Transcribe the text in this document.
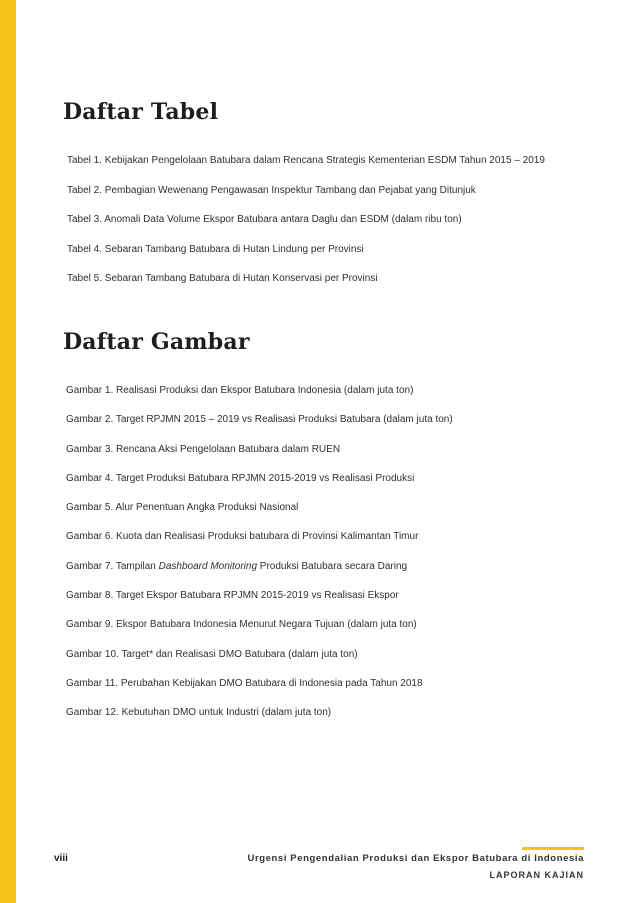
Daftar Tabel
Tabel 1. Kebijakan Pengelolaan Batubara dalam Rencana Strategis Kementerian ESDM Tahun 2015 – 2019
Tabel 2. Pembagian Wewenang Pengawasan Inspektur Tambang dan Pejabat yang Ditunjuk
Tabel 3. Anomali Data Volume Ekspor Batubara antara Daglu dan ESDM (dalam ribu ton)
Tabel 4. Sebaran Tambang Batubara di Hutan Lindung per Provinsi
Tabel 5. Sebaran Tambang Batubara di Hutan Konservasi per Provinsi
Daftar Gambar
Gambar 1. Realisasi Produksi dan Ekspor Batubara Indonesia (dalam juta ton)
Gambar 2. Target RPJMN 2015 – 2019 vs Realisasi Produksi Batubara (dalam juta ton)
Gambar 3. Rencana Aksi Pengelolaan Batubara dalam RUEN
Gambar 4. Target Produksi Batubara RPJMN 2015-2019 vs Realisasi Produksi
Gambar 5. Alur Penentuan Angka Produksi Nasional
Gambar 6. Kuota dan Realisasi Produksi batubara di Provinsi Kalimantan Timur
Gambar 7. Tampilan Dashboard Monitoring Produksi Batubara secara Daring
Gambar 8. Target Ekspor Batubara RPJMN 2015-2019 vs Realisasi Ekspor
Gambar 9. Ekspor Batubara Indonesia Menurut Negara Tujuan (dalam juta ton)
Gambar 10. Target* dan Realisasi DMO Batubara (dalam juta ton)
Gambar 11. Perubahan Kebijakan DMO Batubara di Indonesia pada Tahun 2018
Gambar 12. Kebutuhan DMO untuk Industri (dalam juta ton)
viii	Urgensi Pengendalian Produksi dan Ekspor Batubara di Indonesia
LAPORAN KAJIAN
